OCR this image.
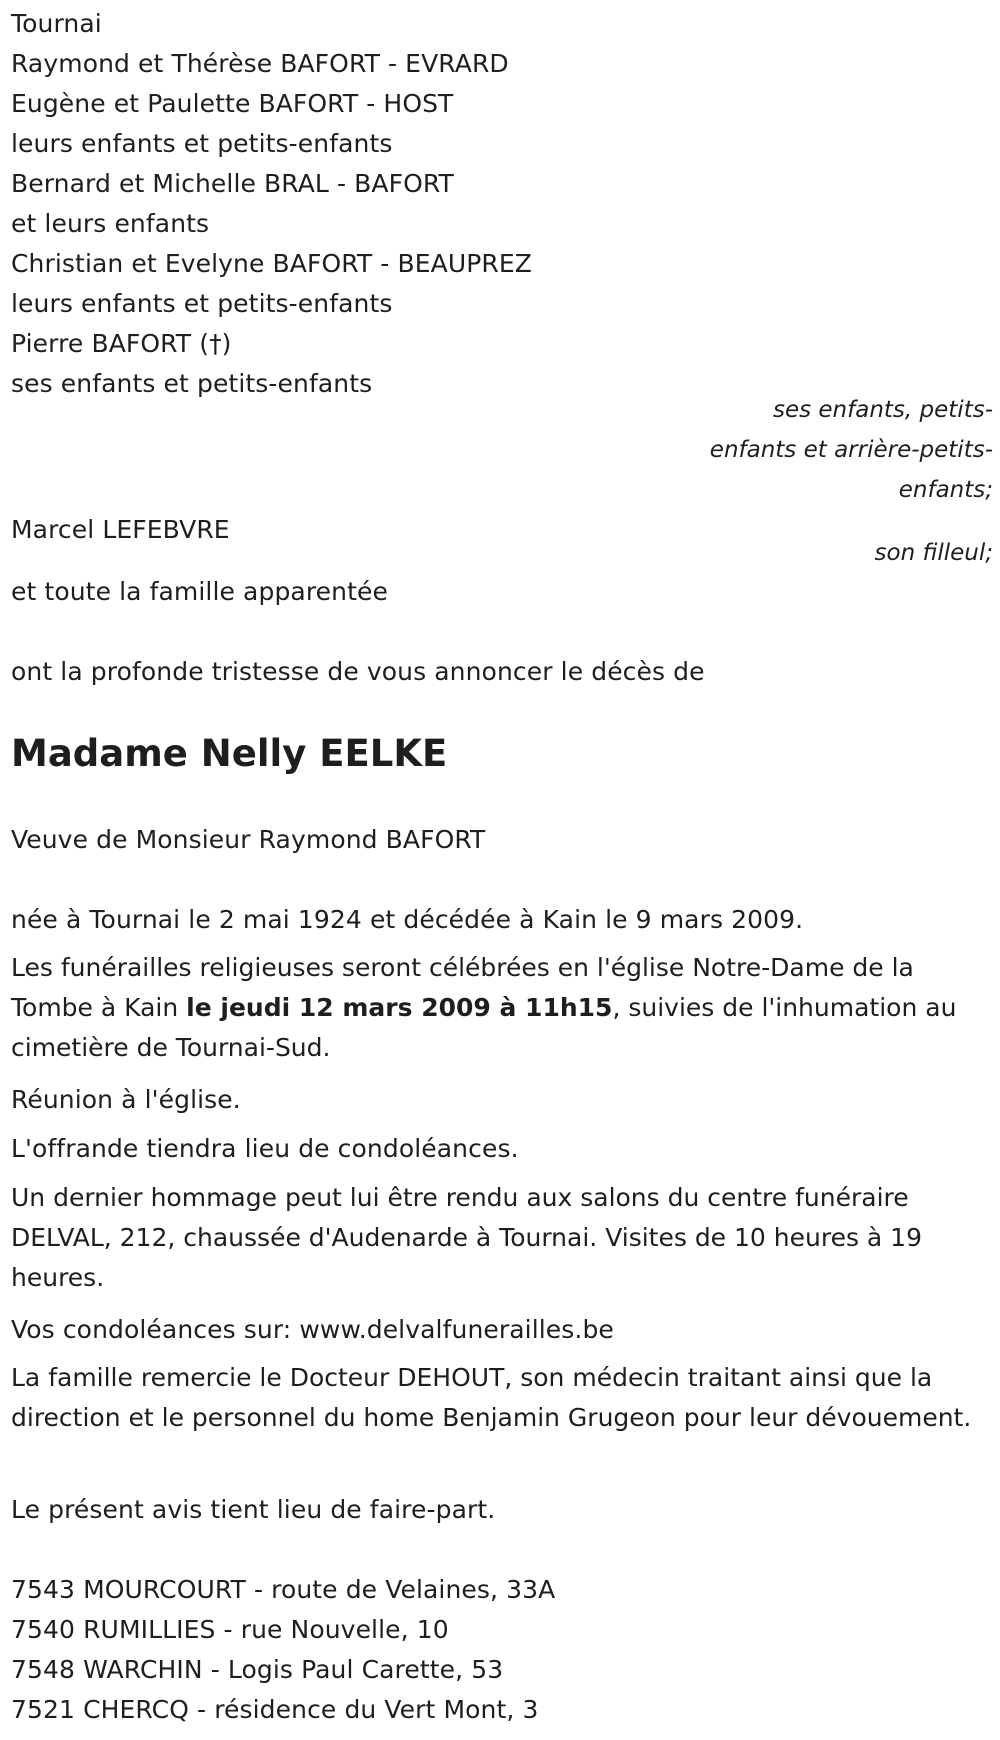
Tournai
Raymond et Thérèse BAFORT - EVRARD
Eugène et Paulette BAFORT - HOST
leurs enfants et petits-enfants
Bernard et Michelle BRAL - BAFORT
et leurs enfants
Christian et Evelyne BAFORT - BEAUPREZ
leurs enfants et petits-enfants
Pierre BAFORT (†)
ses enfants et petits-enfants
ses enfants, petits-enfants et arrière-petits-enfants;
Marcel LEFEBVRE
son filleul;
et toute la famille apparentée
ont la profonde tristesse de vous annoncer le décès de
Madame Nelly EELKE
Veuve de Monsieur Raymond BAFORT
née à Tournai le 2 mai 1924 et décédée à Kain le 9 mars 2009.
Les funérailles religieuses seront célébrées en l'église Notre-Dame de la Tombe à Kain le jeudi 12 mars 2009 à 11h15, suivies de l'inhumation au cimetière de Tournai-Sud.
Réunion à l'église.
L'offrande tiendra lieu de condoléances.
Un dernier hommage peut lui être rendu aux salons du centre funéraire DELVAL, 212, chaussée d'Audenarde à Tournai. Visites de 10 heures à 19 heures.
Vos condoléances sur: www.delvalfunerailles.be
La famille remercie le Docteur DEHOUT, son médecin traitant ainsi que la direction et le personnel du home Benjamin Grugeon pour leur dévouement.
Le présent avis tient lieu de faire-part.
7543 MOURCOURT - route de Velaines, 33A
7540 RUMILLIES - rue Nouvelle, 10
7548 WARCHIN - Logis Paul Carette, 53
7521 CHERCQ - résidence du Vert Mont, 3
